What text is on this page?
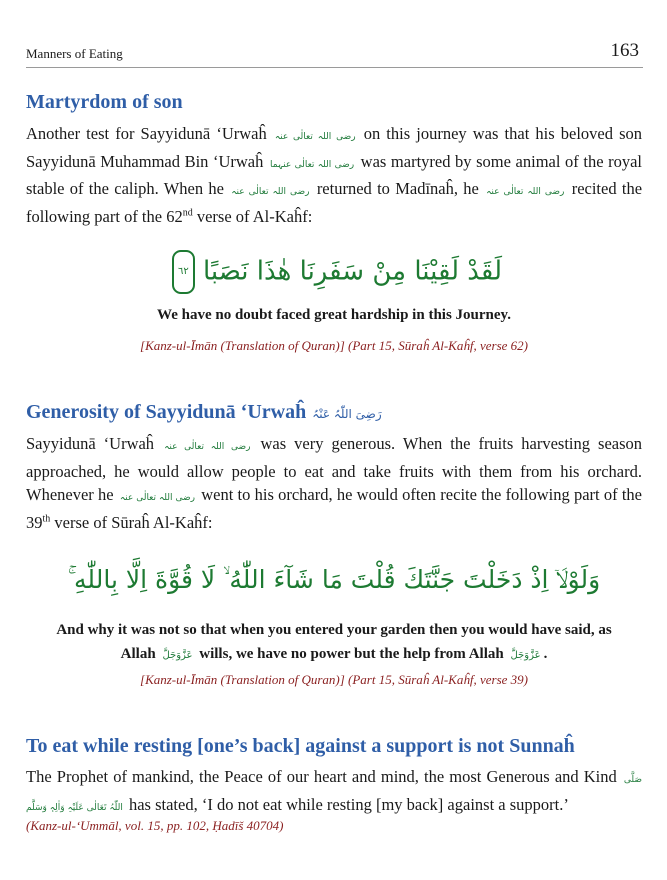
Manners of Eating	163
Martyrdom of son

Another test for Sayyidunā ‘Urwaĥ رضی اللہ تعالٰی عنہ on this journey was that his beloved son Sayyidunā Muhammad Bin ‘Urwaĥ رضی اللہ تعالٰی عنہما was martyred by some animal of the royal stable of the caliph. When he رضی اللہ تعالٰی عنہ returned to Madīnaĥ, he رضی اللہ تعالٰی عنہ recited the following part of the 62nd verse of Al-Kaĥf:

لَقَدْ لَقِيْنَا مِنْ سَفَرِنَا هٰذَا نَصَبًا ٦٢
We have no doubt faced great hardship in this Journey.
[Kanz-ul-Īmān (Translation of Quran)] (Part 15, Sūraĥ Al-Kaĥf, verse 62)
Generosity of Sayyidunā ‘Urwaĥ رَضِیَ اللّٰہُ عَنْہُ

Sayyidunā ‘Urwaĥ رضی اللہ تعالٰی عنہ was very generous. When the fruits harvesting season approached, he would allow people to eat and take fruits with them from his orchard. Whenever he رضی اللہ تعالٰی عنہ went to his orchard, he would often recite the following part of the 39th verse of Sūraĥ Al-Kaĥf:

وَلَوْلَاۤ اِذْ دَخَلْتَ جَنَّتَكَ قُلْتَ مَا شَآءَ اللّٰهُ ۙ لَا قُوَّةَ اِلَّا بِاللّٰهِ ۚ
And why it was not so that when you entered your garden then you would have said, as
Allah عَزَّوَجَلَّ wills, we have no power but the help from Allah عَزَّوَجَلَّ .
[Kanz-ul-Īmān (Translation of Quran)] (Part 15, Sūraĥ Al-Kaĥf, verse 39)
To eat while resting [one’s back] against a support is not Sunnaĥ

The Prophet of mankind, the Peace of our heart and mind, the most Generous and Kind صَلَّی اللّٰہُ تَعَالٰی عَلَیْہِ وَاٰلِہٖ وَسَلَّم has stated, ‘I do not eat while resting [my back] against a support.’

(Kanz-ul-‘Ummāl, vol. 15, pp. 102, Ḥadīš 40704)
